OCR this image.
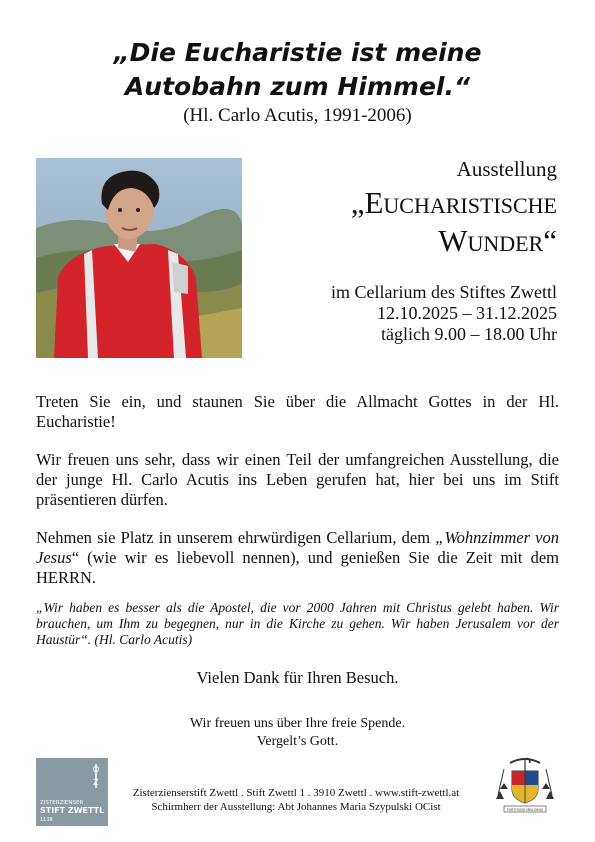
„Die Eucharistie ist meine
Autobahn zum Himmel.“
(Hl. Carlo Acutis, 1991-2006)
Ausstellung
„Eucharistische
Wunder“
im Cellarium des Stiftes Zwettl
12.10.2025 – 31.12.2025
täglich 9.00 – 18.00 Uhr
Treten Sie ein, und staunen Sie über die Allmacht Gottes in der Hl. Eucharistie!
Wir freuen uns sehr, dass wir einen Teil der umfangreichen Ausstellung, die der junge Hl. Carlo Acutis ins Leben gerufen hat, hier bei uns im Stift präsentieren dürfen.
Nehmen sie Platz in unserem ehrwürdigen Cellarium, dem „Wohnzimmer von Jesus“ (wie wir es liebevoll nennen), und genießen Sie die Zeit mit dem HERRN.
„Wir haben es besser als die Apostel, die vor 2000 Jahren mit Christus gelebt haben. Wir brauchen, um Ihm zu begegnen, nur in die Kirche zu gehen. Wir haben Jerusalem vor der Haustür“. (Hl. Carlo Acutis)
Vielen Dank für Ihren Besuch.
Wir freuen uns über Ihre freie Spende.
Vergelt’s Gott.
Z
ZISTERZIENSER
STIFT ZWETTL
1138
Zisterzienserstift Zwettl . Stift Zwettl 1 . 3910 Zwettl . www.stift-zwettl.at
Schirmherr der Ausstellung: Abt Johannes Maria Szypulski OCist	FORTITUDO MEA DEUS
